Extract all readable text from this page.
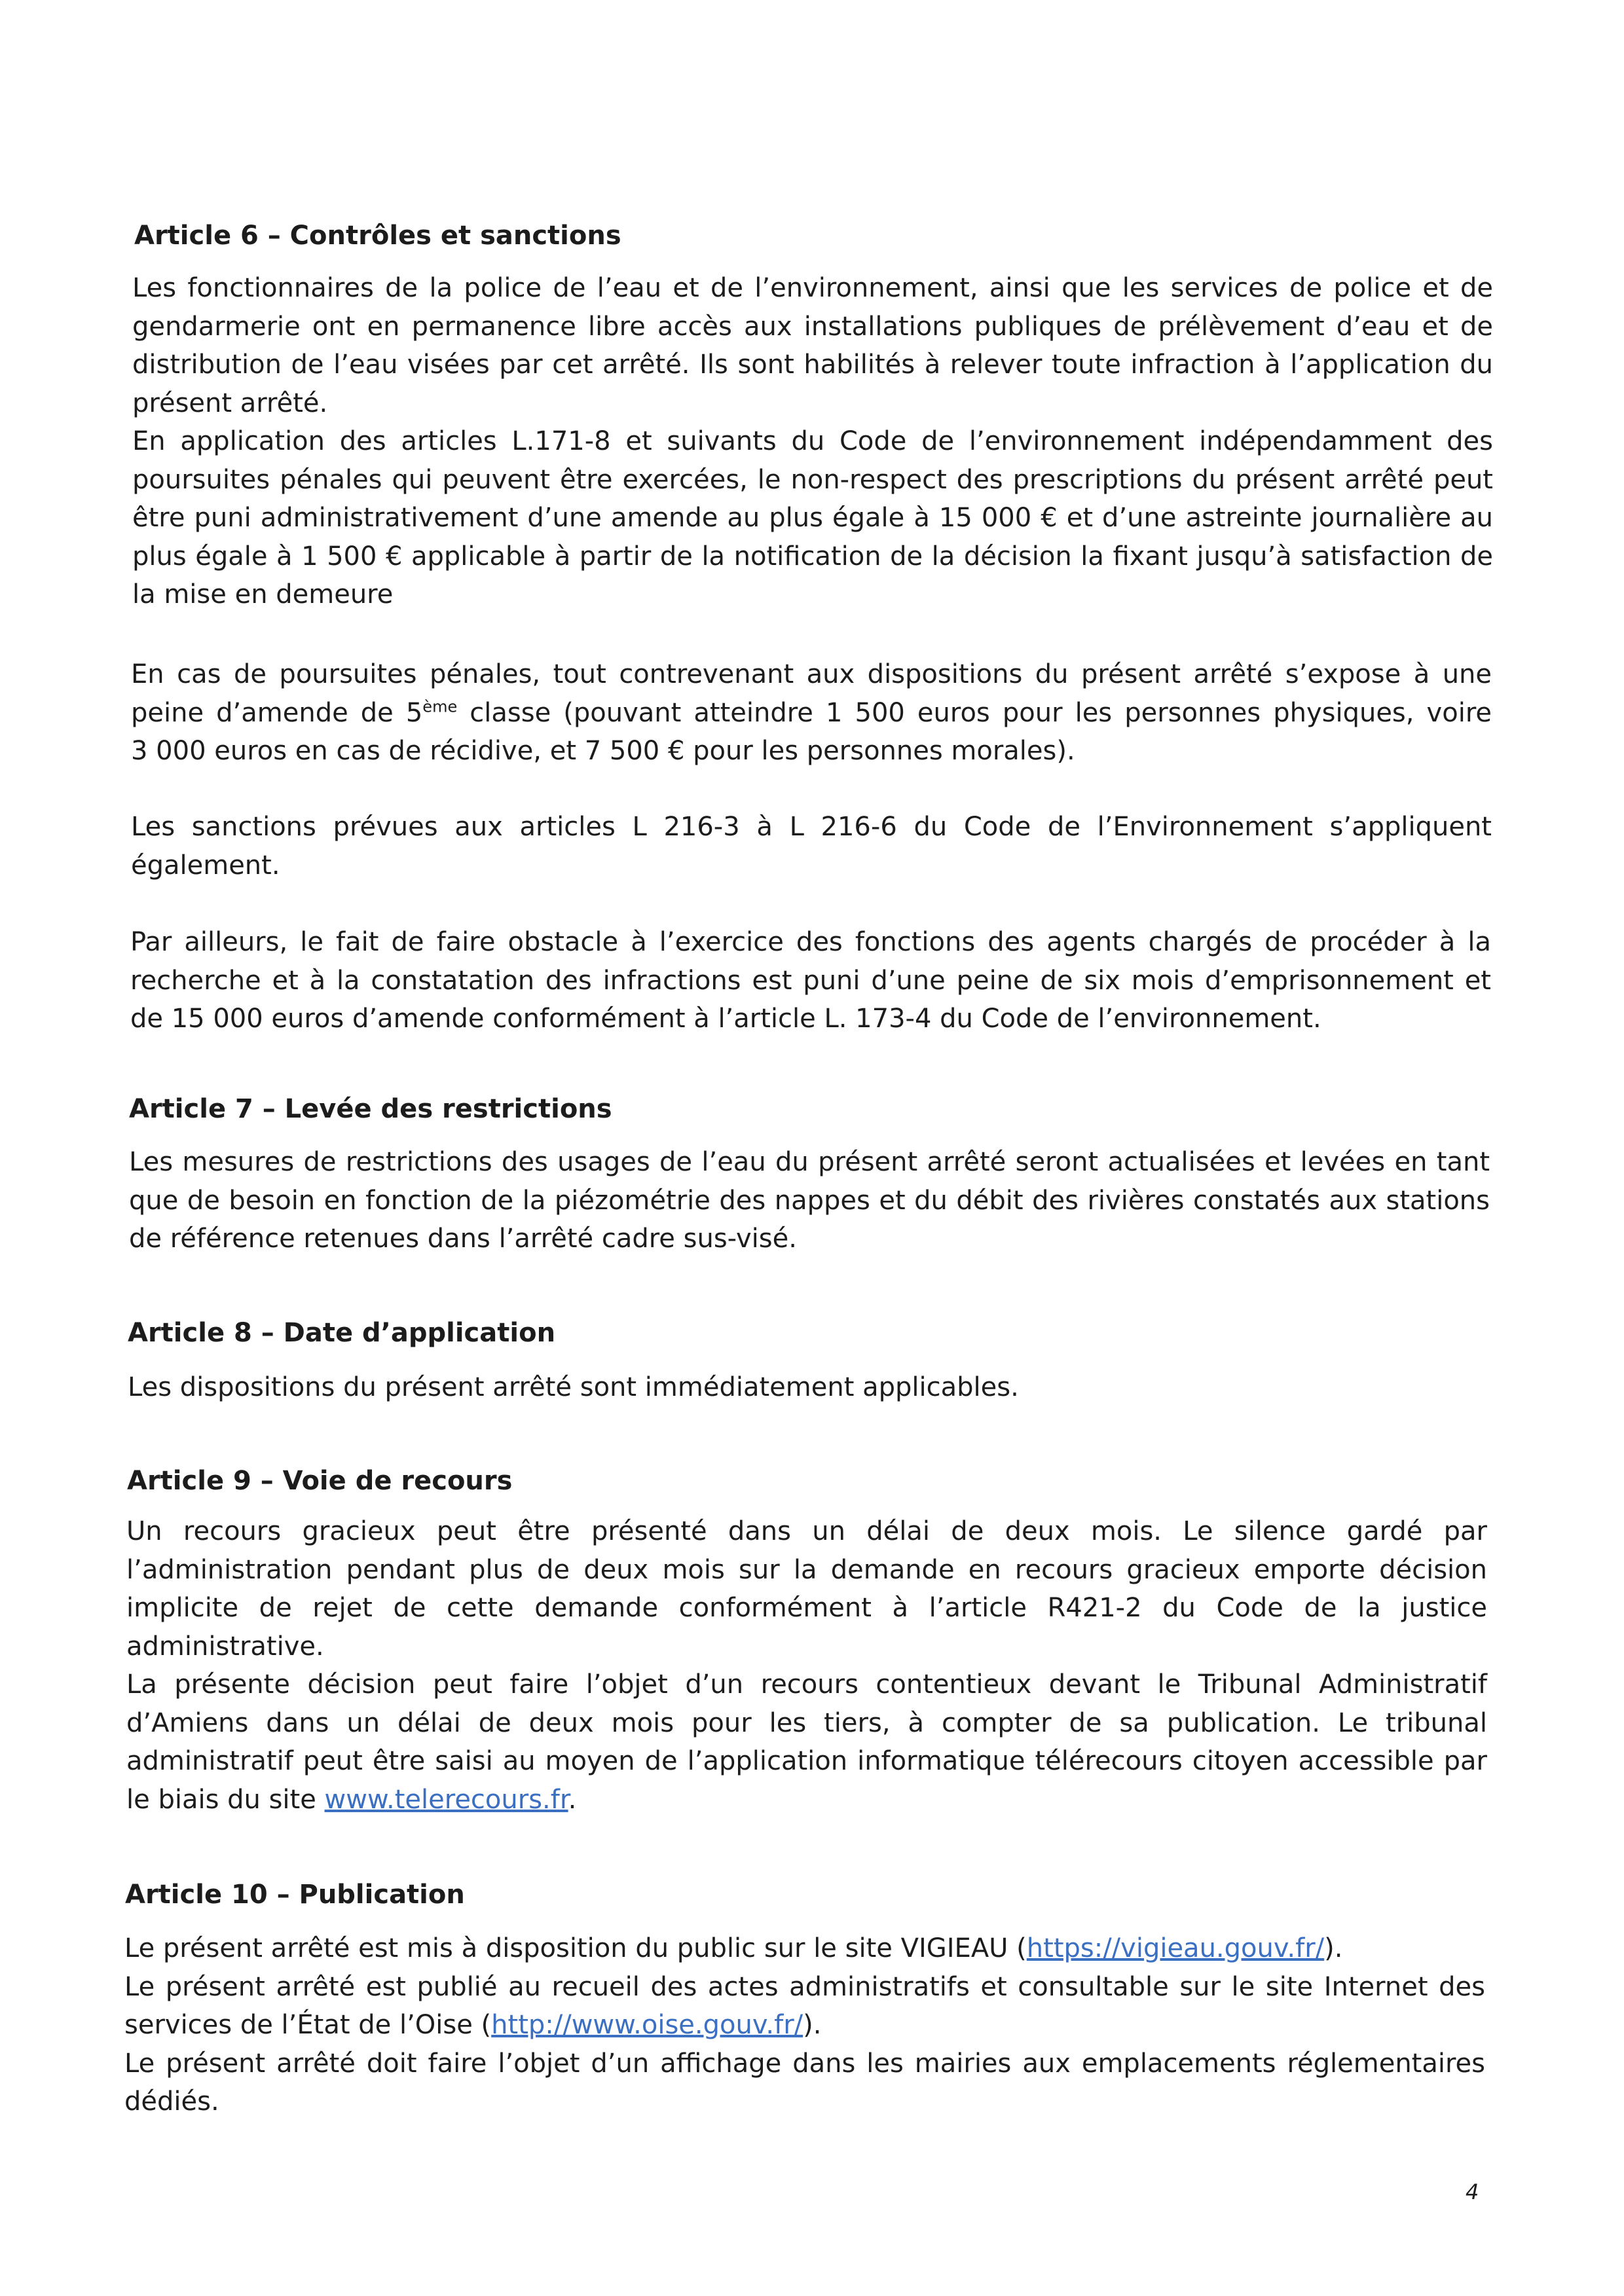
Article 6 – Contrôles et sanctions

Les fonctionnaires de la police de l’eau et de l’environnement, ainsi que les services de police et de
gendarmerie ont en permanence libre accès aux installations publiques de prélèvement d’eau et de
distribution de l’eau visées par cet arrêté. Ils sont habilités à relever toute infraction à l’application du
présent arrêté.
En application des articles L.171-8 et suivants du Code de l’environnement indépendamment des
poursuites pénales qui peuvent être exercées, le non-respect des prescriptions du présent arrêté peut
être puni administrativement d’une amende au plus égale à 15 000 € et d’une astreinte journalière au
plus égale à 1 500 € applicable à partir de la notification de la décision la fixant jusqu’à satisfaction de
la mise en demeure

En cas de poursuites pénales, tout contrevenant aux dispositions du présent arrêté s’expose à une
peine d’amende de 5ème classe (pouvant atteindre 1 500 euros pour les personnes physiques, voire
3 000 euros en cas de récidive, et 7 500 € pour les personnes morales).

Les sanctions prévues aux articles L 216-3 à L 216-6 du Code de l’Environnement s’appliquent
également.

Par ailleurs, le fait de faire obstacle à l’exercice des fonctions des agents chargés de procéder à la
recherche et à la constatation des infractions est puni d’une peine de six mois d’emprisonnement et
de 15 000 euros d’amende conformément à l’article L. 173-4 du Code de l’environnement.

Article 7 – Levée des restrictions

Les mesures de restrictions des usages de l’eau du présent arrêté seront actualisées et levées en tant
que de besoin en fonction de la piézométrie des nappes et du débit des rivières constatés aux stations
de référence retenues dans l’arrêté cadre sus-visé.

Article 8 – Date d’application

Les dispositions du présent arrêté sont immédiatement applicables.

Article 9 – Voie de recours

Un recours gracieux peut être présenté dans un délai de deux mois. Le silence gardé par
l’administration pendant plus de deux mois sur la demande en recours gracieux emporte décision
implicite de rejet de cette demande conformément à l’article R421-2 du Code de la justice
administrative.
La présente décision peut faire l’objet d’un recours contentieux devant le Tribunal Administratif
d’Amiens dans un délai de deux mois pour les tiers, à compter de sa publication. Le tribunal
administratif peut être saisi au moyen de l’application informatique télérecours citoyen accessible par
le biais du site www.telerecours.fr.

Article 10 – Publication

Le présent arrêté est mis à disposition du public sur le site VIGIEAU (https://vigieau.gouv.fr/).
Le présent arrêté est publié au recueil des actes administratifs et consultable sur le site Internet des
services de l’État de l’Oise (http://www.oise.gouv.fr/).
Le présent arrêté doit faire l’objet d’un affichage dans les mairies aux emplacements réglementaires
dédiés.

4
